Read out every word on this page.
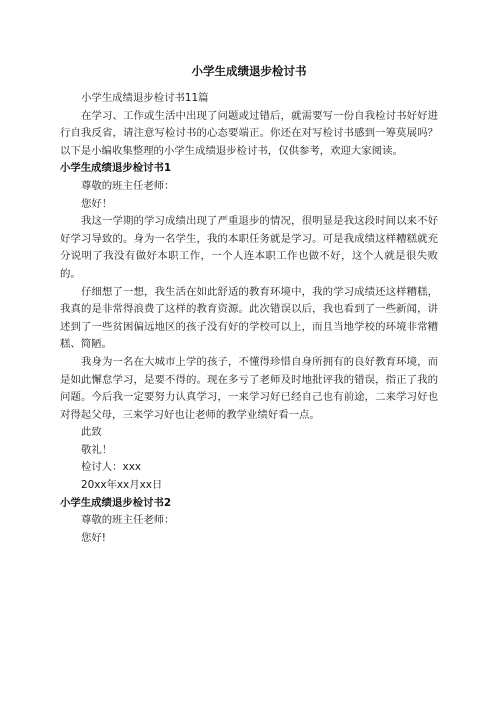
小学生成绩退步检讨书

小学生成绩退步检讨书11篇

在学习、工作或生活中出现了问题或过错后，就需要写一份自我检讨书好好进行自我反省，请注意写检讨书的心态要端正。你还在对写检讨书感到一筹莫展吗？以下是小编收集整理的小学生成绩退步检讨书，仅供参考，欢迎大家阅读。

小学生成绩退步检讨书1

尊敬的班主任老师：

您好！

我这一学期的学习成绩出现了严重退步的情况，很明显是我这段时间以来不好好学习导致的。身为一名学生，我的本职任务就是学习。可是我成绩这样糟糕就充分说明了我没有做好本职工作，一个人连本职工作也做不好，这个人就是很失败的。

仔细想了一想，我生活在如此舒适的教育环境中，我的学习成绩还这样糟糕，我真的是非常得浪费了这样的教育资源。此次错误以后，我也看到了一些新闻，讲述到了一些贫困偏远地区的孩子没有好的学校可以上，而且当地学校的环境非常糟糕、简陋。

我身为一名在大城市上学的孩子，不懂得珍惜自身所拥有的良好教育环境，而是如此懈怠学习，是要不得的。现在多亏了老师及时地批评我的错误，指正了我的问题。今后我一定要努力认真学习，一来学习好已经自己也有前途，二来学习好也对得起父母，三来学习好也让老师的教学业绩好看一点。

此致

敬礼！

检讨人：xxx

20xx年xx月xx日

小学生成绩退步检讨书2

尊敬的班主任老师：

您好!
